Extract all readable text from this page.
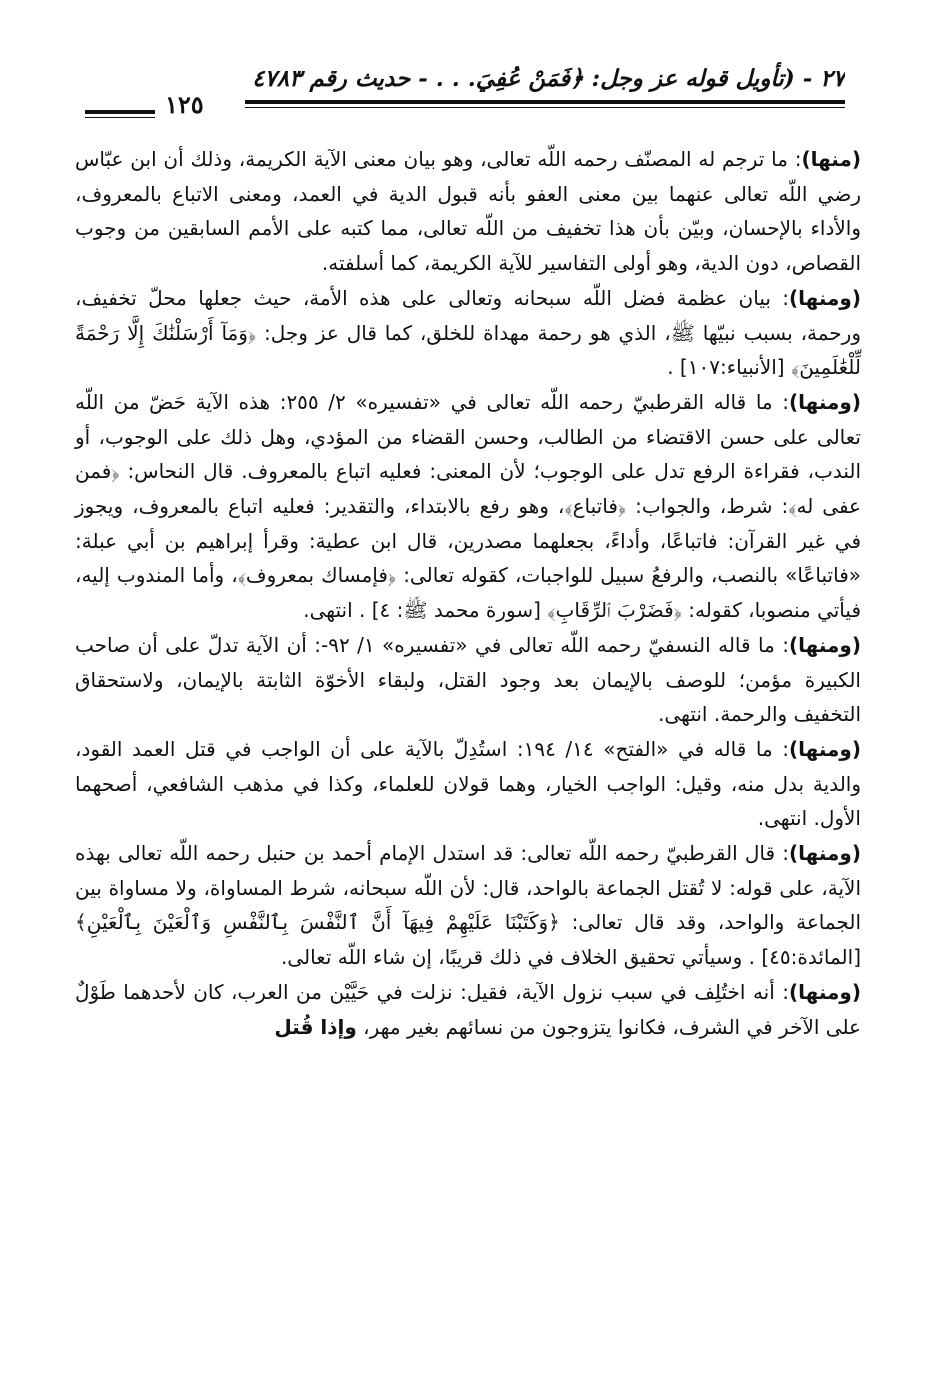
٢٧ - (تأويل قوله عز وجل: ﴿فَمَنْ عُفِيَ. . . - حديث رقم ٤٧٨٣
١٢٥

(منها): ما ترجم له المصنّف رحمه اللّه تعالى، وهو بيان معنى الآية الكريمة، وذلك أن ابن عبّاس رضي اللّه تعالى عنهما بين معنى العفو بأنه قبول الدية في العمد، ومعنى الاتباع بالمعروف، والأداء بالإحسان، وبيّن بأن هذا تخفيف من اللّه تعالى، مما كتبه على الأمم السابقين من وجوب القصاص، دون الدية، وهو أولى التفاسير للآية الكريمة، كما أسلفته.

(ومنها): بيان عظمة فضل اللّه سبحانه وتعالى على هذه الأمة، حيث جعلها محلّ تخفيف، ورحمة، بسبب نبيّها ﷺ، الذي هو رحمة مهداة للخلق، كما قال عز وجل: ﴿وَمَآ أَرْسَلْنَٰكَ إِلَّا رَحْمَةً لِّلْعَٰلَمِينَ﴾ [الأنبياء:١٠٧] .

(ومنها): ما قاله القرطبيّ رحمه اللّه تعالى في «تفسيره» ٢/ ٢٥٥: هذه الآية حَضّ من اللّه تعالى على حسن الاقتضاء من الطالب، وحسن القضاء من المؤدي، وهل ذلك على الوجوب، أو الندب، فقراءة الرفع تدل على الوجوب؛ لأن المعنى: فعليه اتباع بالمعروف. قال النحاس: ﴿فمن عفى له﴾: شرط، والجواب: ﴿فاتباع﴾، وهو رفع بالابتداء، والتقدير: فعليه اتباع بالمعروف، ويجوز في غير القرآن: فاتباعًا، وأداءً، بجعلهما مصدرين، قال ابن عطية: وقرأ إبراهيم بن أبي عبلة: «فاتباعًا» بالنصب، والرفعُ سبيل للواجبات، كقوله تعالى: ﴿فإمساك بمعروف﴾، وأما المندوب إليه، فيأتي منصوبا، كقوله: ﴿فَضَرْبَ ٱلرِّقَابِ﴾ [سورة محمد ﷺ: ٤] . انتهى.

(ومنها): ما قاله النسفيّ رحمه اللّه تعالى في «تفسيره» ١/ ٩٢-: أن الآية تدلّ على أن صاحب الكبيرة مؤمن؛ للوصف بالإيمان بعد وجود القتل، ولبقاء الأخوّة الثابتة بالإيمان، ولاستحقاق التخفيف والرحمة. انتهى.

(ومنها): ما قاله في «الفتح» ١٤/ ١٩٤: استُدِلّ بالآية على أن الواجب في قتل العمد القود، والدية بدل منه، وقيل: الواجب الخيار، وهما قولان للعلماء، وكذا في مذهب الشافعي، أصحهما الأول. انتهى.

(ومنها): قال القرطبيّ رحمه اللّه تعالى: قد استدل الإمام أحمد بن حنبل رحمه اللّه تعالى بهذه الآية، على قوله: لا تُقتل الجماعة بالواحد، قال: لأن اللّه سبحانه، شرط المساواة، ولا مساواة بين الجماعة والواحد، وقد قال تعالى: ﴿وَكَتَبْنَا عَلَيْهِمْ فِيهَآ أَنَّ ٱلنَّفْسَ بِٱلنَّفْسِ وَٱلْعَيْنَ بِٱلْعَيْنِ﴾ [المائدة:٤٥] . وسيأتي تحقيق الخلاف في ذلك قريبًا، إن شاء اللّه تعالى.

(ومنها): أنه اختُلِف في سبب نزول الآية، فقيل: نزلت في حَيَّيْن من العرب، كان لأحدهما طَوْلٌ على الآخر في الشرف، فكانوا يتزوجون من نسائهم بغير مهر، وإذا قُتل
